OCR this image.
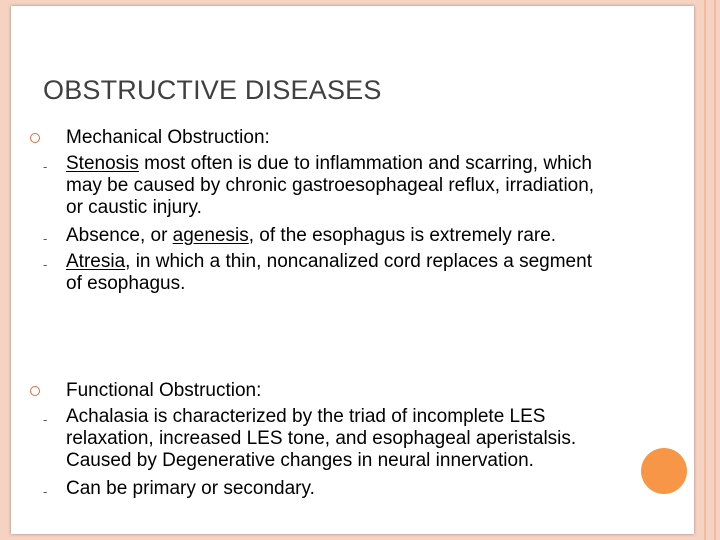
OBSTRUCTIVE DISEASES
Mechanical Obstruction:
- Stenosis most often is due to inflammation and scarring, which
may be caused by chronic gastroesophageal reflux, irradiation,
or caustic injury.
- Absence, or agenesis, of the esophagus is extremely rare.
- Atresia, in which a thin, noncanalized cord replaces a segment
of esophagus.
Functional Obstruction:
- Achalasia is characterized by the triad of incomplete LES
relaxation, increased LES tone, and esophageal aperistalsis.
Caused by Degenerative changes in neural innervation.
- Can be primary or secondary.
